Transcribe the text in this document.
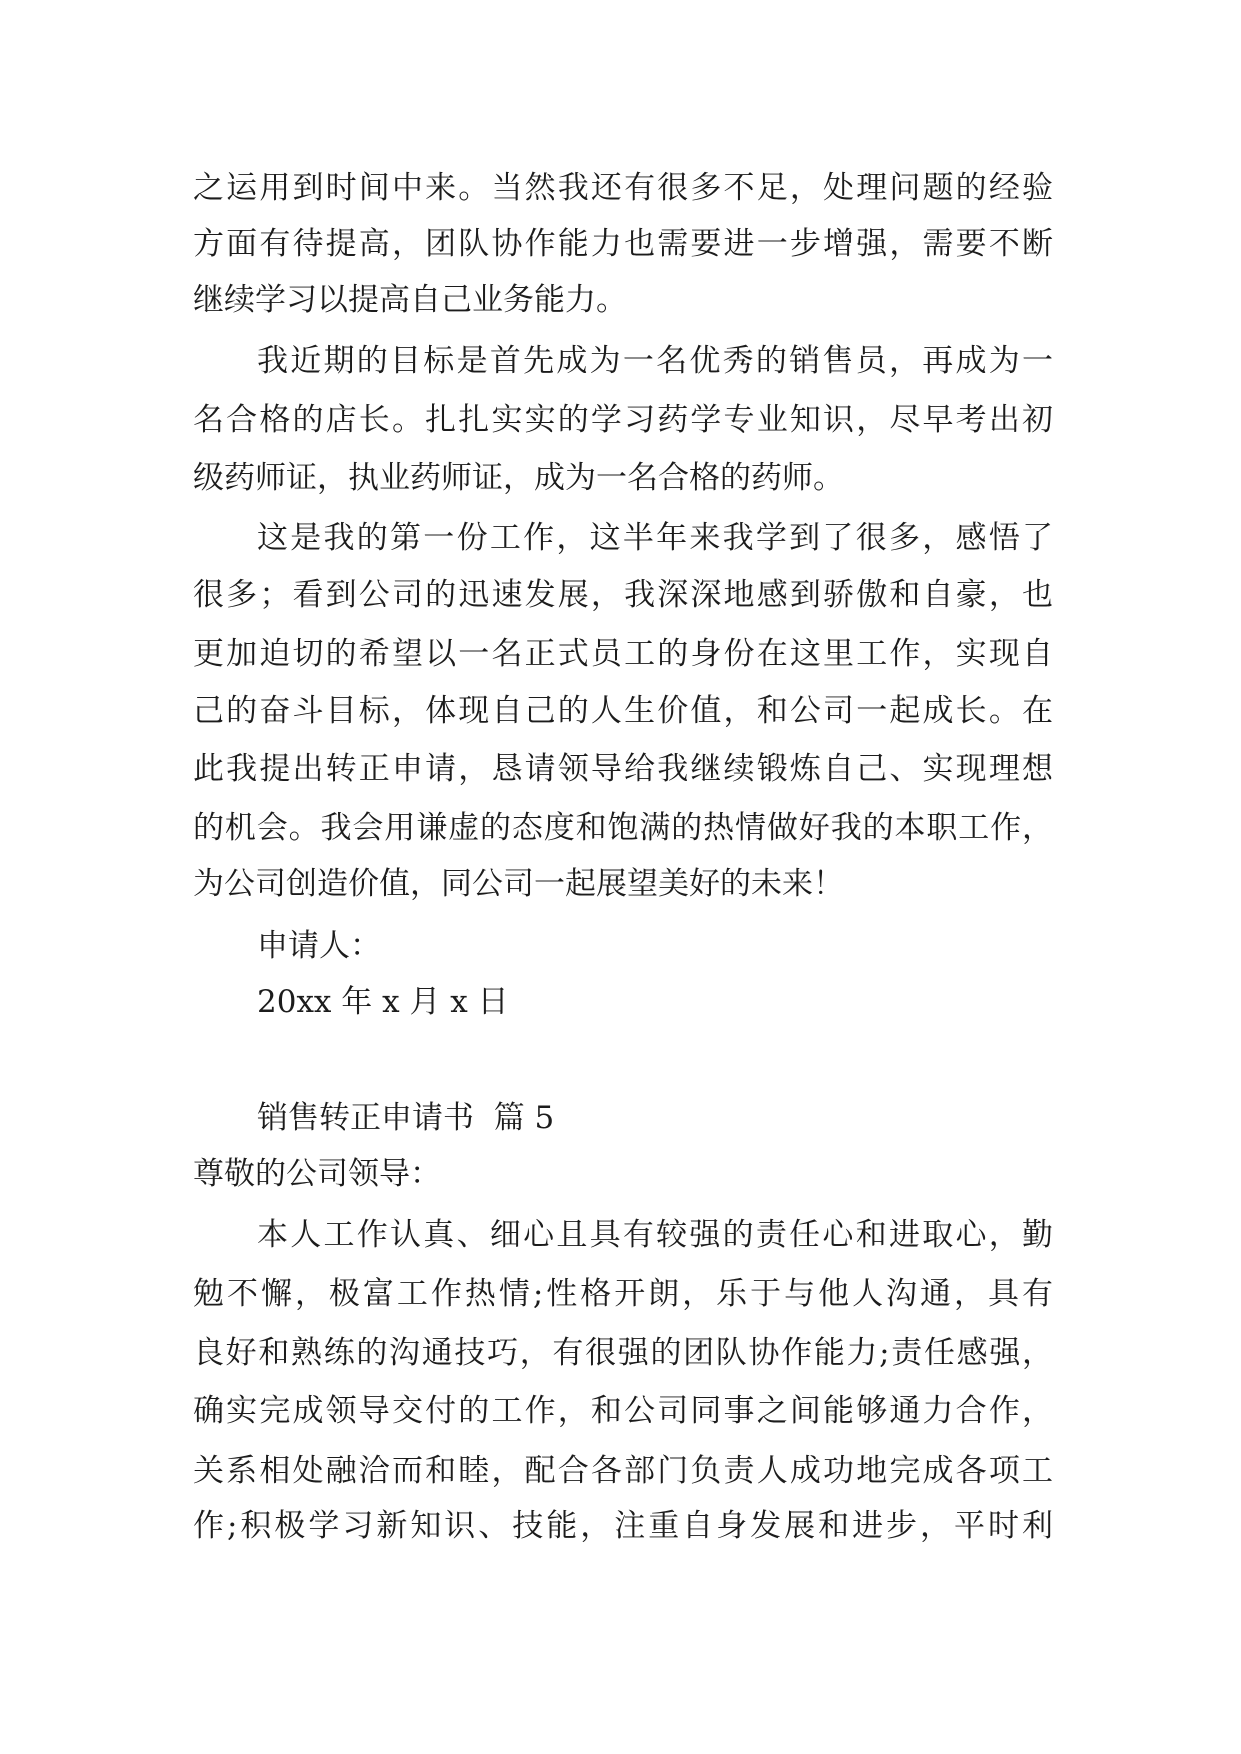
之运用到时间中来。当然我还有很多不足，处理问题的经验
方面有待提高，团队协作能力也需要进一步增强，需要不断
继续学习以提高自己业务能力。
我近期的目标是首先成为一名优秀的销售员，再成为一
名合格的店长。扎扎实实的学习药学专业知识，尽早考出初
级药师证，执业药师证，成为一名合格的药师。
这是我的第一份工作，这半年来我学到了很多，感悟了
很多；看到公司的迅速发展，我深深地感到骄傲和自豪，也
更加迫切的希望以一名正式员工的身份在这里工作，实现自
己的奋斗目标，体现自己的人生价值，和公司一起成长。在
此我提出转正申请，恳请领导给我继续锻炼自己、实现理想
的机会。我会用谦虚的态度和饱满的热情做好我的本职工作，
为公司创造价值，同公司一起展望美好的未来！
申请人：
20xx 年 x 月 x 日
销售转正申请书  篇 5
尊敬的公司领导：
本人工作认真、细心且具有较强的责任心和进取心，勤
勉不懈，极富工作热情;性格开朗，乐于与他人沟通，具有
良好和熟练的沟通技巧，有很强的团队协作能力;责任感强，
确实完成领导交付的工作，和公司同事之间能够通力合作，
关系相处融洽而和睦，配合各部门负责人成功地完成各项工
作;积极学习新知识、技能，注重自身发展和进步，平时利
